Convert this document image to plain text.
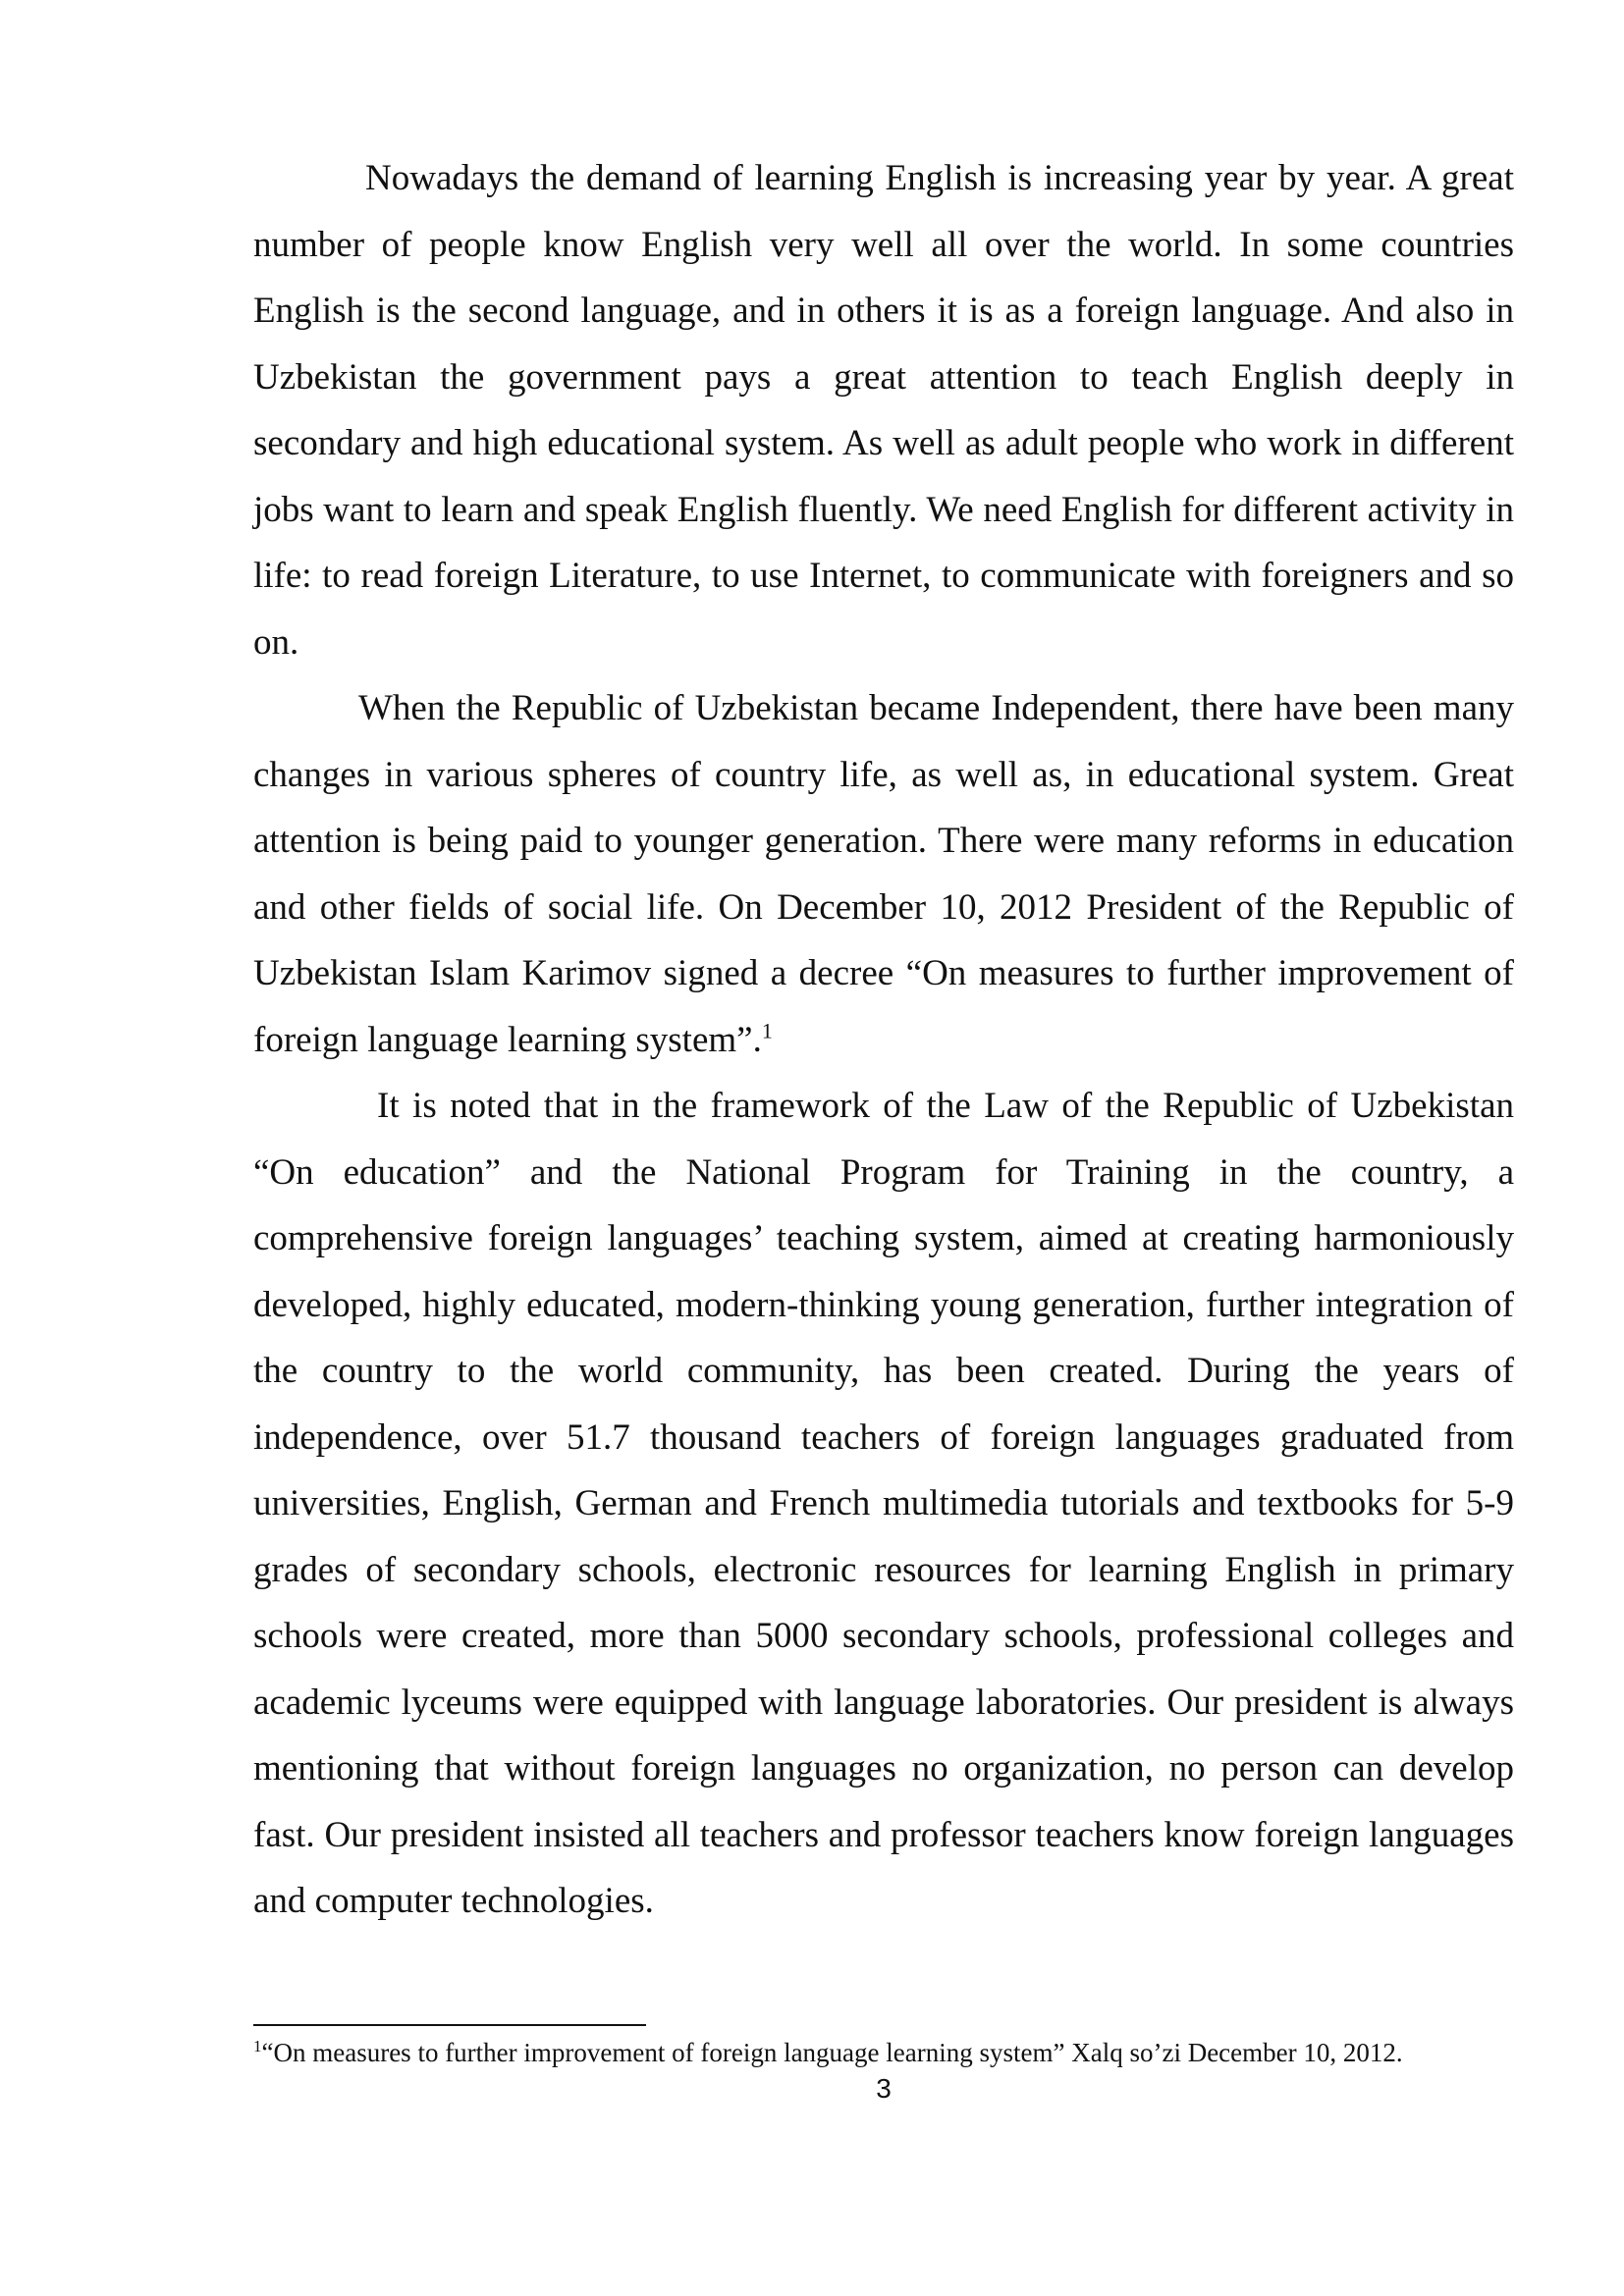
Nowadays the demand of learning English is increasing year by year. A great number of people know English very well all over the world. In some countries English is the second language, and in others it is as a foreign language. And also in Uzbekistan the government pays a great attention to teach English deeply in secondary and high educational system. As well as adult people who work in different jobs want to learn and speak English fluently. We need English for different activity in life: to read foreign Literature, to use Internet, to communicate with foreigners and so on.

When the Republic of Uzbekistan became Independent, there have been many changes in various spheres of country life, as well as, in educational system. Great attention is being paid to younger generation. There were many reforms in education and other fields of social life. On December 10, 2012 President of the Republic of Uzbekistan Islam Karimov signed a decree “On measures to further improvement of foreign language learning system”.$^1$

It is noted that in the framework of the Law of the Republic of Uzbekistan “On education” and the National Program for Training in the country, a comprehensive foreign languages’ teaching system, aimed at creating harmoniously developed, highly educated, modern-thinking young generation, further integration of the country to the world community, has been created. During the years of independence, over 51.7 thousand teachers of foreign languages graduated from universities, English, German and French multimedia tutorials and textbooks for 5-9 grades of secondary schools, electronic resources for learning English in primary schools were created, more than 5000 secondary schools, professional colleges and academic lyceums were equipped with language laboratories. Our president is always mentioning that without foreign languages no organization, no person can develop fast. Our president insisted all teachers and professor teachers know foreign languages and computer technologies.

$^1$“On measures to further improvement of foreign language learning system” Xalq so’zi December 10, 2012.
3
